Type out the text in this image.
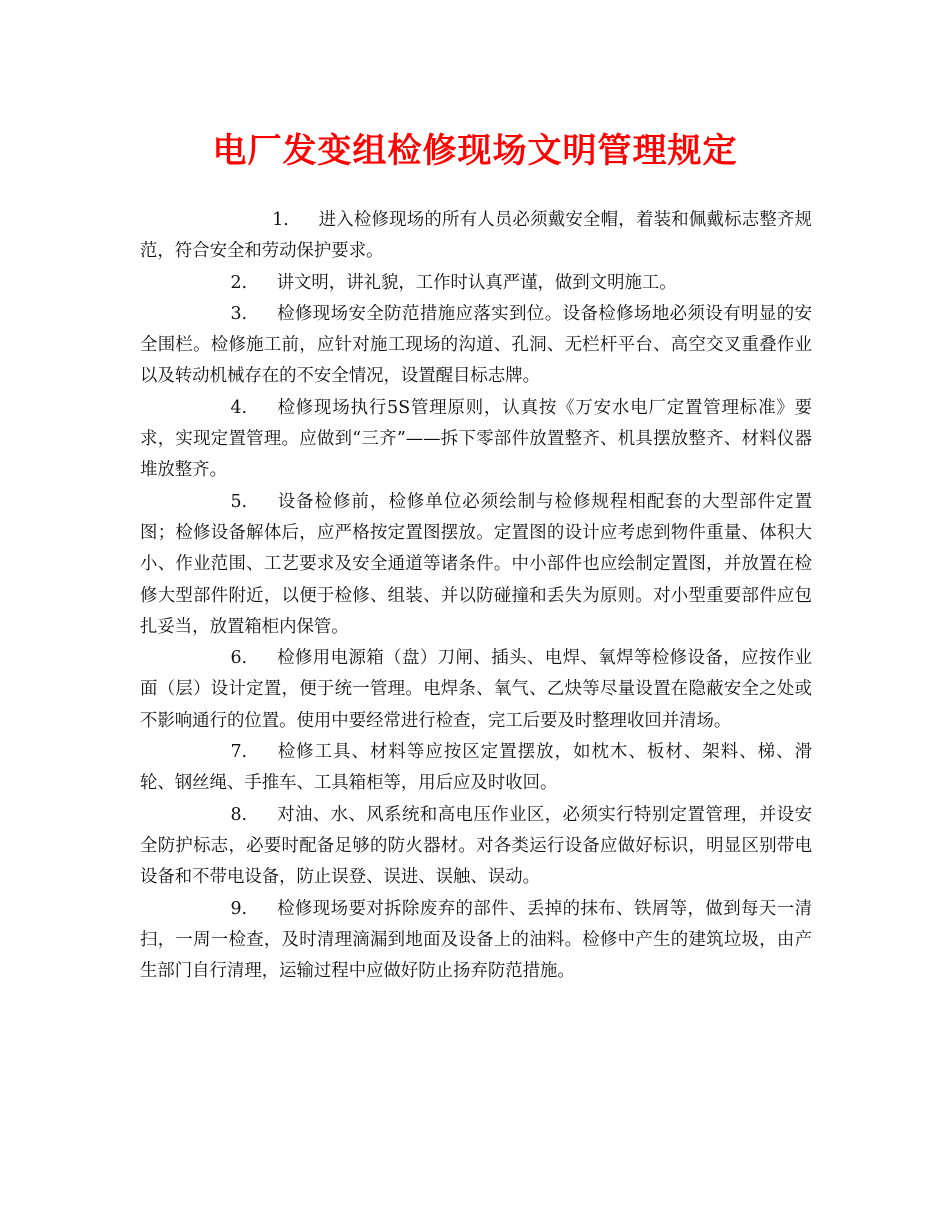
电厂发变组检修现场文明管理规定

1. 进入检修现场的所有人员必须戴安全帽，着装和佩戴标志整齐规范，符合安全和劳动保护要求。

2. 讲文明，讲礼貌，工作时认真严谨，做到文明施工。

3. 检修现场安全防范措施应落实到位。设备检修场地必须设有明显的安全围栏。检修施工前，应针对施工现场的沟道、孔洞、无栏杆平台、高空交叉重叠作业以及转动机械存在的不安全情况，设置醒目标志牌。

4. 检修现场执行5S管理原则，认真按《万安水电厂定置管理标准》要求，实现定置管理。应做到“三齐”——拆下零部件放置整齐、机具摆放整齐、材料仪器堆放整齐。

5. 设备检修前，检修单位必须绘制与检修规程相配套的大型部件定置图；检修设备解体后，应严格按定置图摆放。定置图的设计应考虑到物件重量、体积大小、作业范围、工艺要求及安全通道等诸条件。中小部件也应绘制定置图，并放置在检修大型部件附近，以便于检修、组装、并以防碰撞和丢失为原则。对小型重要部件应包扎妥当，放置箱柜内保管。

6. 检修用电源箱（盘）刀闸、插头、电焊、氧焊等检修设备，应按作业面（层）设计定置，便于统一管理。电焊条、氧气、乙炔等尽量设置在隐蔽安全之处或不影响通行的位置。使用中要经常进行检查，完工后要及时整理收回并清场。

7. 检修工具、材料等应按区定置摆放，如枕木、板材、架料、梯、滑轮、钢丝绳、手推车、工具箱柜等，用后应及时收回。

8. 对油、水、风系统和高电压作业区，必须实行特别定置管理，并设安全防护标志，必要时配备足够的防火器材。对各类运行设备应做好标识，明显区别带电设备和不带电设备，防止误登、误进、误触、误动。

9. 检修现场要对拆除废弃的部件、丢掉的抹布、铁屑等，做到每天一清扫，一周一检查，及时清理滴漏到地面及设备上的油料。检修中产生的建筑垃圾，由产生部门自行清理，运输过程中应做好防止扬弃防范措施。
